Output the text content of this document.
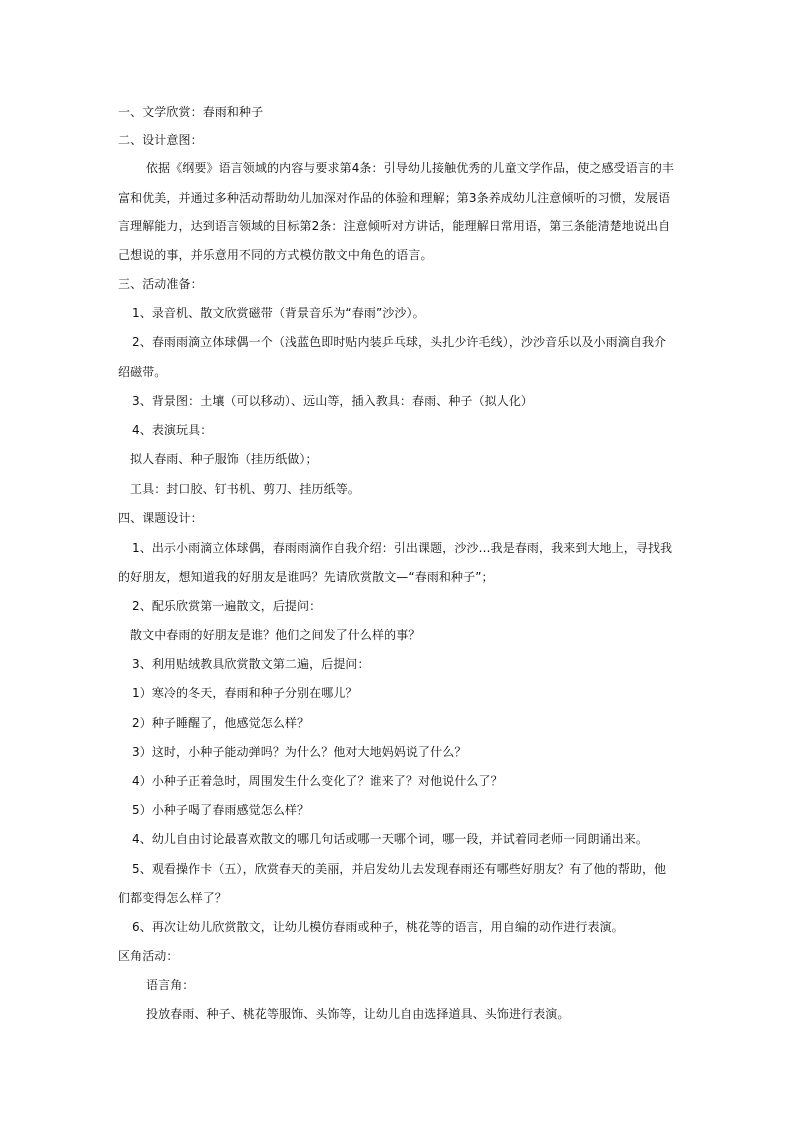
一、文学欣赏：春雨和种子
二、设计意图：
依据《纲要》语言领域的内容与要求第4条：引导幼儿接触优秀的儿童文学作品，使之感受语言的丰
富和优美，并通过多种活动帮助幼儿加深对作品的体验和理解；第3条养成幼儿注意倾听的习惯，发展语
言理解能力，达到语言领域的目标第2条：注意倾听对方讲话，能理解日常用语，第三条能清楚地说出自
己想说的事，并乐意用不同的方式模仿散文中角色的语言。
三、活动准备：
1、录音机、散文欣赏磁带（背景音乐为“春雨”沙沙）。
2、春雨雨滴立体球偶一个（浅蓝色即时贴内装乒乓球，头扎少许毛线），沙沙音乐以及小雨滴自我介
绍磁带。
3、背景图：土壤（可以移动）、远山等，插入教具：春雨、种子（拟人化）
4、表演玩具：
拟人春雨、种子服饰（挂历纸做）；
工具：封口胶、钉书机、剪刀、挂历纸等。
四、课题设计：
1、出示小雨滴立体球偶，春雨雨滴作自我介绍：引出课题，沙沙…我是春雨，我来到大地上，寻找我
的好朋友，想知道我的好朋友是谁吗？先请欣赏散文—“春雨和种子”；
2、配乐欣赏第一遍散文，后提问：
散文中春雨的好朋友是谁？他们之间发了什么样的事？
3、利用贴绒教具欣赏散文第二遍，后提问：
1）寒冷的冬天，春雨和种子分别在哪儿？
2）种子睡醒了，他感觉怎么样？
3）这时，小种子能动弹吗？为什么？他对大地妈妈说了什么？
4）小种子正着急时，周围发生什么变化了？谁来了？对他说什么了？
5）小种子喝了春雨感觉怎么样？
4、幼儿自由讨论最喜欢散文的哪几句话或哪一天哪个词，哪一段，并试着同老师一同朗诵出来。
5、观看操作卡（五），欣赏春天的美丽，并启发幼儿去发现春雨还有哪些好朋友？有了他的帮助，他
们都变得怎么样了？
6、再次让幼儿欣赏散文，让幼儿模仿春雨或种子，桃花等的语言，用自编的动作进行表演。
区角活动：
语言角：
投放春雨、种子、桃花等服饰、头饰等，让幼儿自由选择道具、头饰进行表演。
